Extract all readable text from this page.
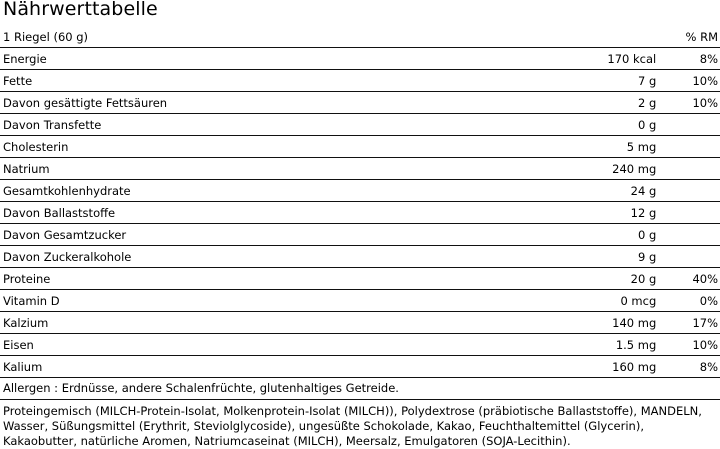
Nährwerttabelle
1 Riegel (60 g)		% RM
Energie	170 kcal	8%
Fette	7 g	10%
Davon gesättigte Fettsäuren	2 g	10%
Davon Transfette	0 g	
Cholesterin	5 mg	
Natrium	240 mg	
Gesamtkohlenhydrate	24 g	
Davon Ballaststoffe	12 g	
Davon Gesamtzucker	0 g	
Davon Zuckeralkohole	9 g	
Proteine	20 g	40%
Vitamin D	0 mcg	0%
Kalzium	140 mg	17%
Eisen	1.5 mg	10%
Kalium	160 mg	8%
Allergen : Erdnüsse, andere Schalenfrüchte, glutenhaltiges Getreide.
Proteingemisch (MILCH-Protein-Isolat, Molkenprotein-Isolat (MILCH)), Polydextrose (präbiotische Ballaststoffe), MANDELN, Wasser, Süßungsmittel (Erythrit, Steviolglycoside), ungesüßte Schokolade, Kakao, Feuchthaltemittel (Glycerin), Kakaobutter, natürliche Aromen, Natriumcaseinat (MILCH), Meersalz, Emulgatoren (SOJA-Lecithin).
